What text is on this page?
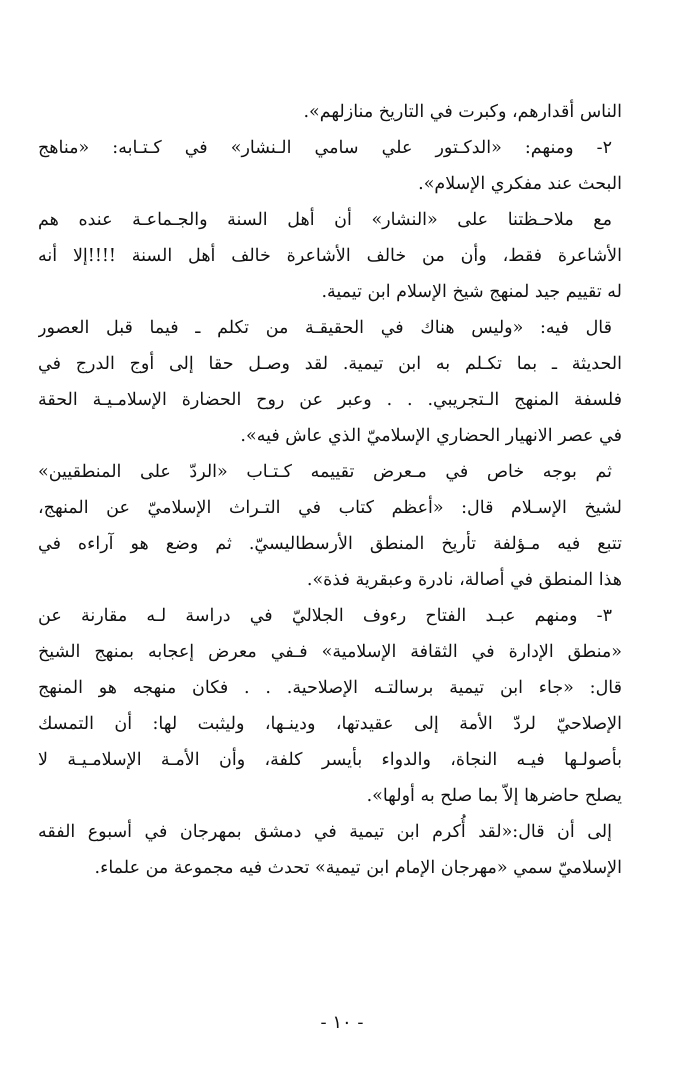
الناس أقدارهم، وكبرت في التاريخ منازلهم».
٢- ومنهم: «الدكـتور علي سامي الـنشار» في كـتـابه: «مناهج
البحث عند مفكري الإسلام».
مع ملاحـظتنا على «النشار» أن أهل السنة والجـماعـة عنده هم
الأشاعرة فقط، وأن من خالف الأشاعرة خالف أهل السنة !!!!إلا أنه
له تقييم جيد لمنهج شيخ الإسلام ابن تيمية.
قال فيه: «وليس هناك في الحقيقـة من تكلم ـ فيما قبل العصور
الحديثة ـ بما تكـلم به ابن تيمية. لقد وصـل حقا إلى أوج الدرج في
فلسفة المنهج الـتجريبي. . . وعبر عن روح الحضارة الإسلامـيـة الحقة
في عصر الانهيار الحضاري الإسلاميّ الذي عاش فيه».
ثم بوجه خاص في مـعرض تقييمه كـتـاب «الردّ على المنطقيين»
لشيخ الإسـلام قال: «أعظم كتاب في التـراث الإسلاميّ عن المنهج،
تتبع فيه مـؤلفة تأريخ المنطق الأرسطاليسيّ. ثم وضع هو آراءه في
هذا المنطق في أصالة، نادرة وعبقرية فذة».
٣- ومنهم عبـد الفتاح رءوف الجلاليّ في دراسة لـه مقارنة عن
«منطق الإدارة في الثقافة الإسلامية» فـفي معرض إعجابه بمنهج الشيخ
قال: «جاء ابن تيمية برسالتـه الإصلاحية. . . فكان منهجه هو المنهج
الإصلاحيّ لردّ الأمة إلى عقيدتها، ودينـها، وليثبت لها: أن التمسك
بأصولـها فيـه النجاة، والدواء بأيسر كلفة، وأن الأمـة الإسلامـيـة لا
يصلح حاضرها إلاّ بما صلح به أولها».
إلى أن قال:«لقد أُكرم ابن تيمية في دمشق بمهرجان في أسبوع الفقه
الإسلاميّ سمي «مهرجان الإمام ابن تيمية» تحدث فيه مجموعة من علماء.
- ١٠ -
